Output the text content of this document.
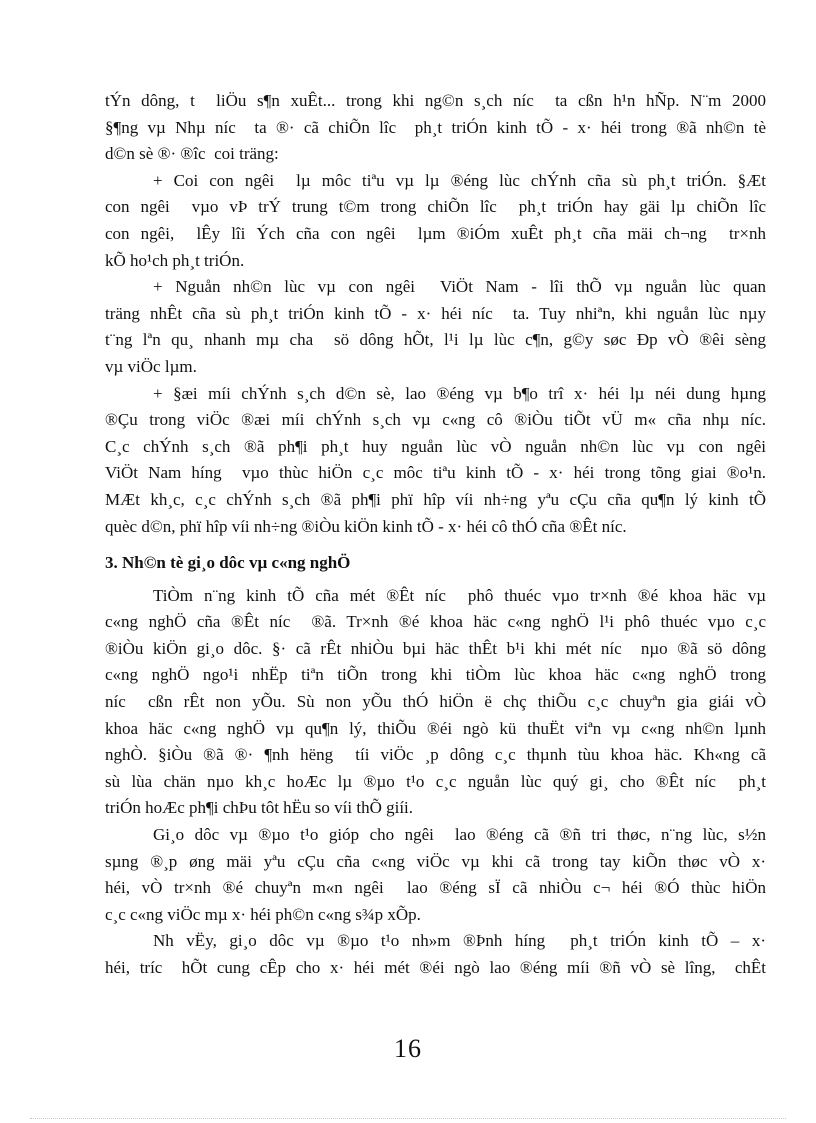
tÝn dông, t  liÖu s¶n xuÊt... trong khi ng©n s¸ch níc  ta cßn h¹n hÑp. N¨m 2000
§¶ng vµ Nhµ níc  ta ®· cã chiÕn lîc  ph¸t triÓn kinh tÕ - x· héi trong ®ã nh©n tè
d©n sè ®· ®îc  coi träng:
+ Coi con ngêi  lµ môc tiªu vµ lµ ®éng lùc chÝnh cña sù ph¸t triÓn. §Æt
con ngêi  vµo vÞ trÝ trung t©m trong chiÕn lîc  ph¸t triÓn hay gäi lµ chiÕn lîc
con ngêi,  lÊy lîi Ých cña con ngêi  lµm ®iÓm xuÊt ph¸t cña mäi ch¬ng  tr×nh
kÕ ho¹ch ph¸t triÓn.
+ Nguån nh©n lùc vµ con ngêi  ViÖt Nam - lîi thÕ vµ nguån lùc quan
träng nhÊt cña sù ph¸t triÓn kinh tÕ - x· héi níc  ta. Tuy nhiªn, khi nguån lùc nµy
t¨ng lªn qu¸ nhanh mµ cha  sö dông hÕt, l¹i lµ lùc c¶n, g©y søc Ðp vÒ ®êi sèng
vµ viÖc lµm.
+ §æi míi chÝnh s¸ch d©n sè, lao ®éng vµ b¶o trî x· héi lµ néi dung hµng
®Çu trong viÖc ®æi míi chÝnh s¸ch vµ c«ng cô ®iÒu tiÕt vÜ m« cña nhµ níc.
C¸c chÝnh s¸ch ®ã ph¶i ph¸t huy nguån lùc vÒ nguån nh©n lùc vµ con ngêi
ViÖt Nam híng  vµo thùc hiÖn c¸c môc tiªu kinh tÕ - x· héi trong tõng giai ®o¹n.
MÆt kh¸c, c¸c chÝnh s¸ch ®ã ph¶i phï hîp víi nh÷ng yªu cÇu cña qu¶n lý kinh tÕ
quèc d©n, phï hîp víi nh÷ng ®iÒu kiÖn kinh tÕ - x· héi cô thÓ cña ®Êt níc.
3. Nh©n tè gi¸o dôc vµ c«ng nghÖ
TiÒm n¨ng kinh tÕ cña mét ®Êt níc  phô thuéc vµo tr×nh ®é khoa häc vµ
c«ng nghÖ cña ®Êt níc  ®ã. Tr×nh ®é khoa häc c«ng nghÖ l¹i phô thuéc vµo c¸c
®iÒu kiÖn gi¸o dôc. §· cã rÊt nhiÒu bµi häc thÊt b¹i khi mét níc  nµo ®ã sö dông
c«ng nghÖ ngo¹i nhËp tiªn tiÕn trong khi tiÒm lùc khoa häc c«ng nghÖ trong
níc  cßn rÊt non yÕu. Sù non yÕu thÓ hiÖn ë chç thiÕu c¸c chuyªn gia giái vÒ
khoa häc c«ng nghÖ vµ qu¶n lý, thiÕu ®éi ngò kü thuËt viªn vµ c«ng nh©n lµnh
nghÒ. §iÒu ®ã ®· ¶nh hëng  tíi viÖc ¸p dông c¸c thµnh tùu khoa häc. Kh«ng cã
sù lùa chän nµo kh¸c hoÆc lµ ®µo t¹o c¸c nguån lùc quý gi¸ cho ®Êt níc  ph¸t
triÓn hoÆc ph¶i chÞu tôt hËu so víi thÕ giíi.
Gi¸o dôc vµ ®µo t¹o gióp cho ngêi  lao ®éng cã ®ñ tri thøc, n¨ng lùc, s½n
sµng ®¸p øng mäi yªu cÇu cña c«ng viÖc vµ khi cã trong tay kiÕn thøc vÒ x·
héi, vÒ tr×nh ®é chuyªn m«n ngêi  lao ®éng sÏ cã nhiÒu c¬ héi ®Ó thùc hiÖn
c¸c c«ng viÖc mµ x· héi ph©n c«ng s¾p xÕp.
Nh vËy, gi¸o dôc vµ ®µo t¹o nh»m ®Þnh híng  ph¸t triÓn kinh tÕ – x·
héi, tríc  hÕt cung cÊp cho x· héi mét ®éi ngò lao ®éng míi ®ñ vÒ sè lîng,  chÊt
16
